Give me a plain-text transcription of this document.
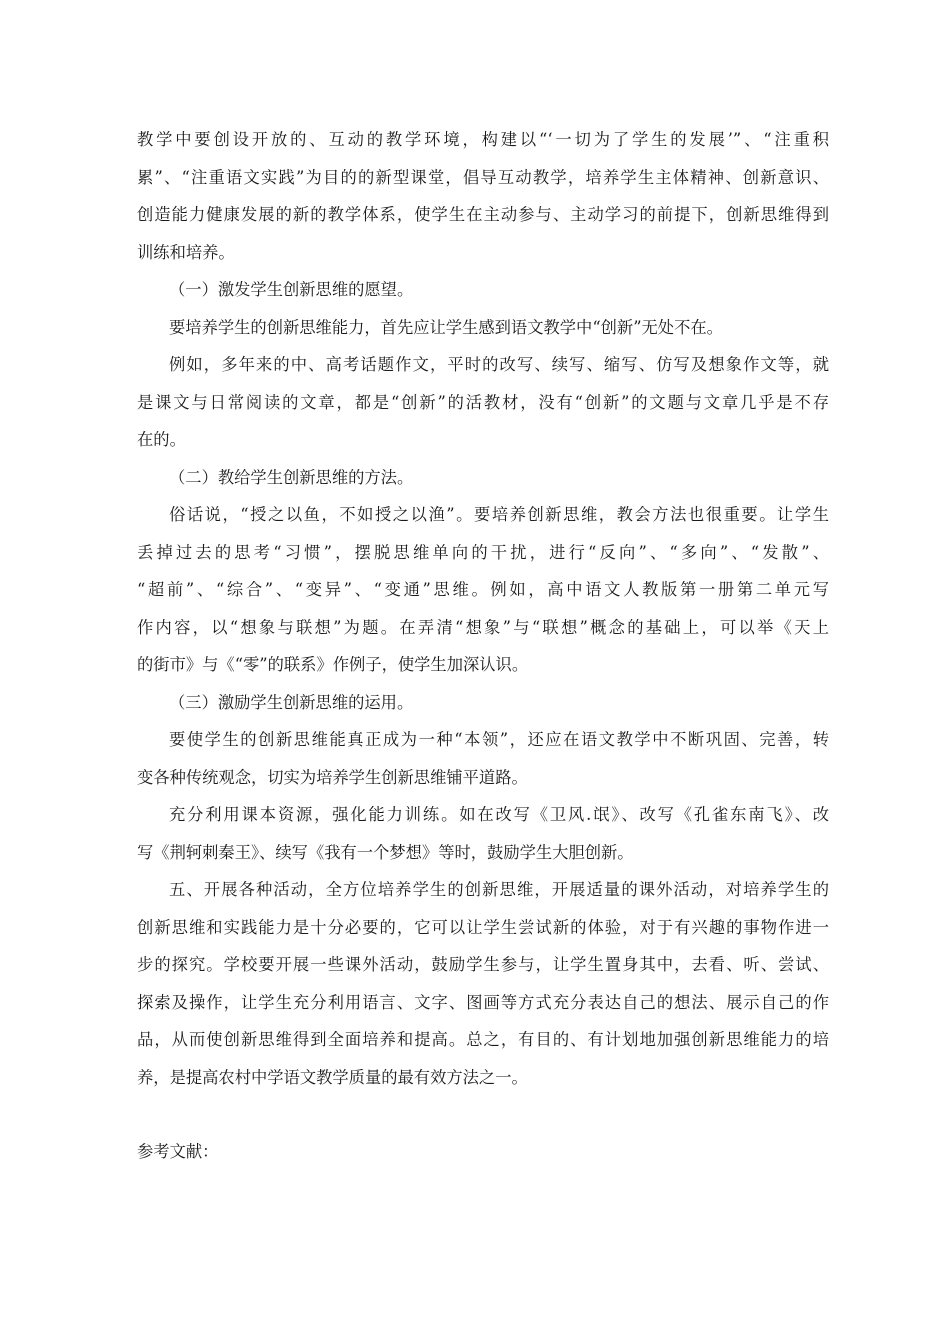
教学中要创设开放的、互动的教学环境，构建以“‘一切为了学生的发展’”、“注重积
累”、“注重语文实践”为目的的新型课堂，倡导互动教学，培养学生主体精神、创新意识、
创造能力健康发展的新的教学体系，使学生在主动参与、主动学习的前提下，创新思维得到
训练和培养。
（一）激发学生创新思维的愿望。
要培养学生的创新思维能力，首先应让学生感到语文教学中“创新”无处不在。
例如，多年来的中、高考话题作文，平时的改写、续写、缩写、仿写及想象作文等，就
是课文与日常阅读的文章，都是“创新”的活教材，没有“创新”的文题与文章几乎是不存
在的。
（二）教给学生创新思维的方法。
俗话说，“授之以鱼，不如授之以渔”。要培养创新思维，教会方法也很重要。让学生
丢掉过去的思考“习惯”，摆脱思维单向的干扰，进行“反向”、“多向”、“发散”、
“超前”、“综合”、“变异”、“变通”思维。例如，高中语文人教版第一册第二单元写
作内容，以“想象与联想”为题。在弄清“想象”与“联想”概念的基础上，可以举《天上
的街市》与《“零”的联系》作例子，使学生加深认识。
（三）激励学生创新思维的运用。
要使学生的创新思维能真正成为一种“本领”，还应在语文教学中不断巩固、完善，转
变各种传统观念，切实为培养学生创新思维铺平道路。
充分利用课本资源，强化能力训练。如在改写《卫风.氓》、改写《孔雀东南飞》、改
写《荆轲刺秦王》、续写《我有一个梦想》等时，鼓励学生大胆创新。
五、开展各种活动，全方位培养学生的创新思维，开展适量的课外活动，对培养学生的
创新思维和实践能力是十分必要的，它可以让学生尝试新的体验，对于有兴趣的事物作进一
步的探究。学校要开展一些课外活动，鼓励学生参与，让学生置身其中，去看、听、尝试、
探索及操作，让学生充分利用语言、文字、图画等方式充分表达自己的想法、展示自己的作
品，从而使创新思维得到全面培养和提高。总之，有目的、有计划地加强创新思维能力的培
养，是提高农村中学语文教学质量的最有效方法之一。
参考文献：
